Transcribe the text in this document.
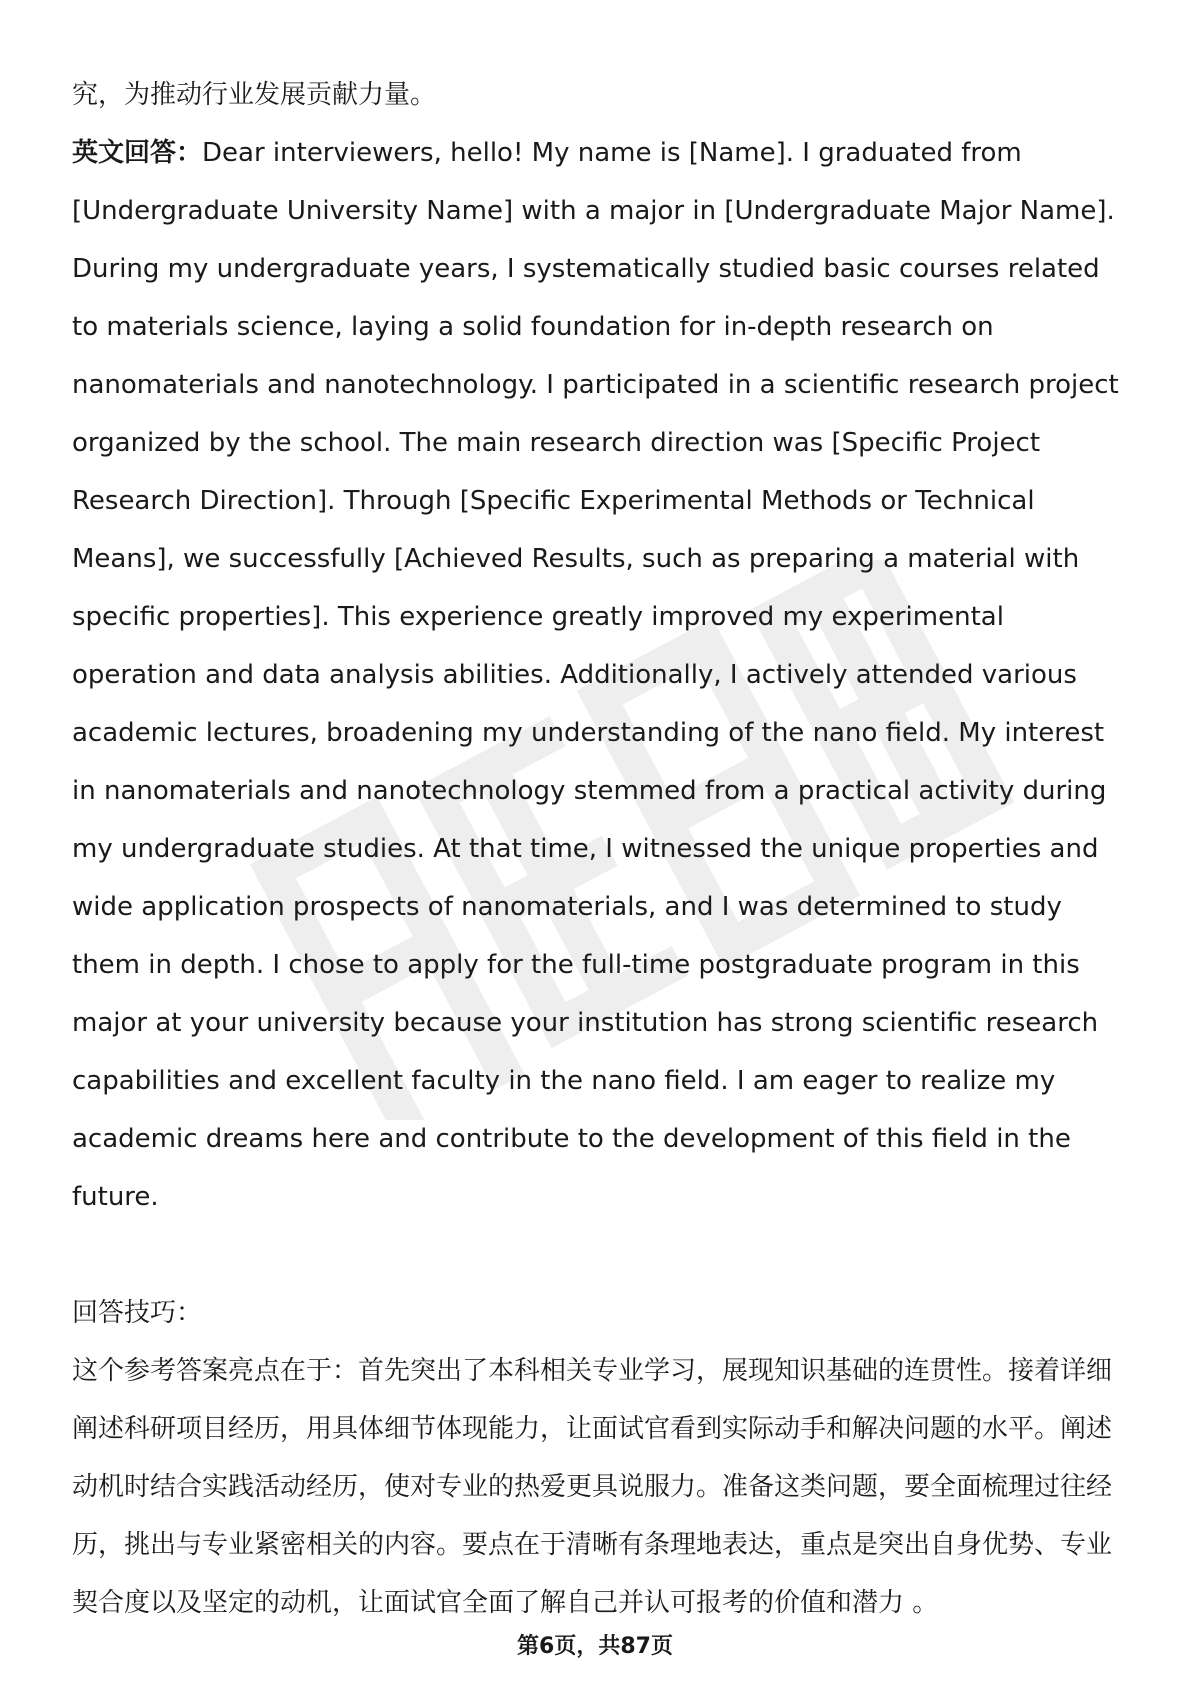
究，为推动行业发展贡献力量。

英文回答：Dear interviewers, hello! My name is [Name]. I graduated from [Undergraduate University Name] with a major in [Undergraduate Major Name]. During my undergraduate years, I systematically studied basic courses related to materials science, laying a solid foundation for in-depth research on nanomaterials and nanotechnology. I participated in a scientific research project organized by the school. The main research direction was [Specific Project Research Direction]. Through [Specific Experimental Methods or Technical Means], we successfully [Achieved Results, such as preparing a material with specific properties]. This experience greatly improved my experimental operation and data analysis abilities. Additionally, I actively attended various academic lectures, broadening my understanding of the nano field. My interest in nanomaterials and nanotechnology stemmed from a practical activity during my undergraduate studies. At that time, I witnessed the unique properties and wide application prospects of nanomaterials, and I was determined to study them in depth. I chose to apply for the full-time postgraduate program in this major at your university because your institution has strong scientific research capabilities and excellent faculty in the nano field. I am eager to realize my academic dreams here and contribute to the development of this field in the future.

回答技巧：

这个参考答案亮点在于：首先突出了本科相关专业学习，展现知识基础的连贯性。接着详细阐述科研项目经历，用具体细节体现能力，让面试官看到实际动手和解决问题的水平。阐述动机时结合实践活动经历，使对专业的热爱更具说服力。准备这类问题，要全面梳理过往经历，挑出与专业紧密相关的内容。要点在于清晰有条理地表达，重点是突出自身优势、专业契合度以及坚定的动机，让面试官全面了解自己并认可报考的价值和潜力 。

第6页，共87页
